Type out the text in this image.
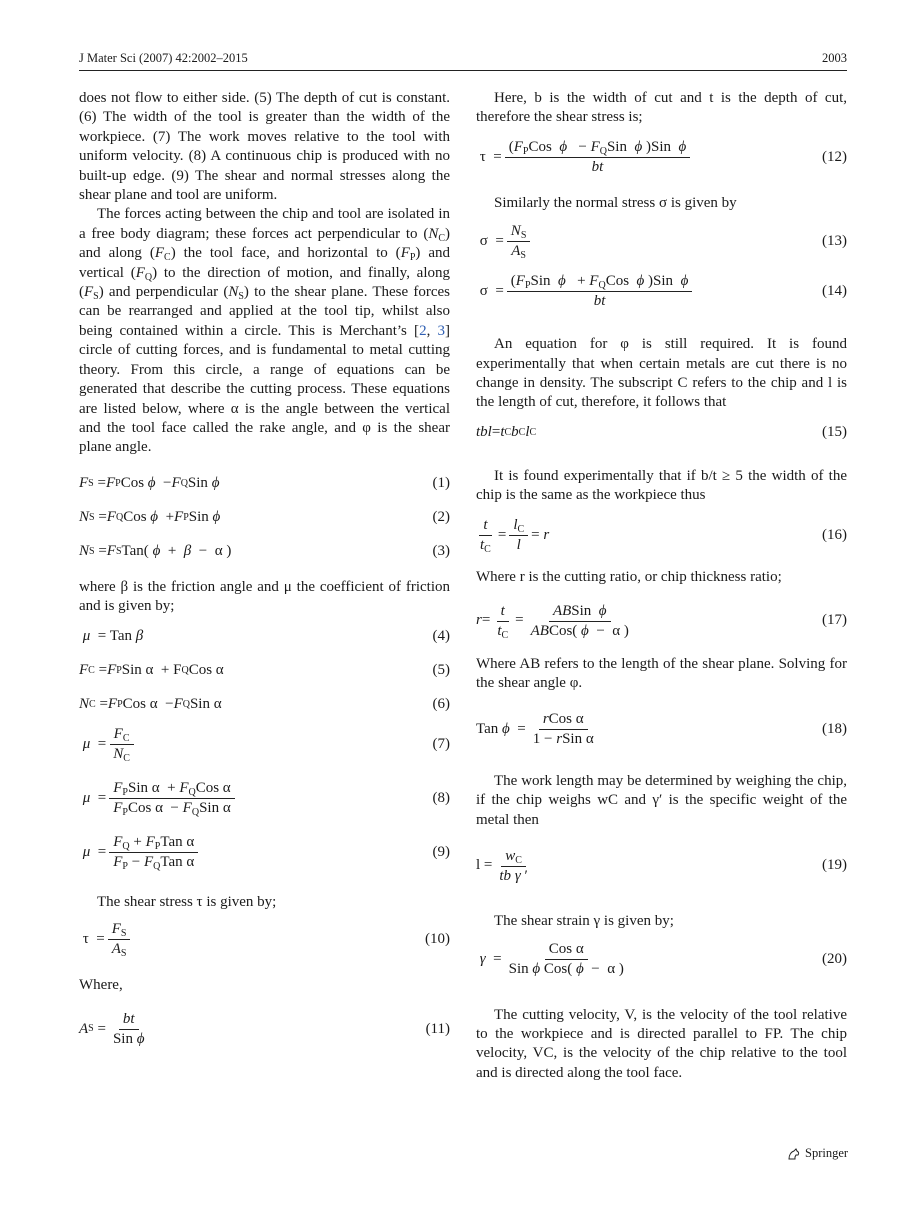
J Mater Sci (2007) 42:2002–2015	2003

does not flow to either side. (5) The depth of cut is constant. (6) The width of the tool is greater than the width of the workpiece. (7) The work moves relative to the tool with uniform velocity. (8) A continuous chip is produced with no built-up edge. (9) The shear and normal stresses along the shear plane and tool are uniform.

The forces acting between the chip and tool are isolated in a free body diagram; these forces act perpendicular to $(N_C)$ and along $(F_C)$ the tool face, and horizontal to $(F_P)$ and vertical $(F_Q)$ to the direction of motion, and finally, along $(F_S)$ and perpendicular $(N_S)$ to the shear plane. These forces can be rearranged and applied at the tool tip, whilst also being contained within a circle. This is Merchant’s [2, 3] circle of cutting forces, and is fundamental to metal cutting theory. From this circle, a range of equations can be generated that describe the cutting process. These equations are listed below, where α is the angle between the vertical and the tool face called the rake angle, and φ is the shear plane angle.

F S = F P Cos ϕ − F Q Sin ϕ	(1)
N S = F Q Cos ϕ + F P Sin ϕ	(2)
N S = F S Tan( ϕ + β −  α )	(3)

where β is the friction angle and μ the coefficient of friction and is given by;

μ = Tan β	(4)
F C = F P Sin α  + F Q Cos α	(5)
N C = F P Cos α  − F Q Sin α	(6)

$\mu = \frac{F_C}{N_C}$	(7)

$\mu = \frac{F_PSin \alpha + F_QCos \alpha}{F_PCos \alpha - F_QSin \alpha}$	(8)

$\mu = \frac{F_Q + F_PTan \alpha}{F_P - F_QTan \alpha}$	(9)

The shear stress τ is given by;

$\tau = \frac{F_S}{A_S}$	(10)

Where,

A $S = \frac{bt}{\text{Sin ϕ}}$	(11)

Here, b is the width of cut and t is the depth of cut, therefore the shear stress is;

$\tau = \frac{(F_PCos \phi - F_QSin \phi )Sin \phi}{bt}$	(12)

Similarly the normal stress σ is given by

$\sigma = \frac{N_S}{A_S}$	(13)
$\sigma = \frac{(F_PSin \phi + F_QCos \phi )Sin \phi}{bt}$	(14)

An equation for φ is still required. It is found experimentally that when certain metals are cut there is no change in density. The subscript C refers to the chip and l is the length of cut, therefore, it follows that

tbl = t C b C l C	(15)

It is found experimentally that if b/t ≥ 5 the width of the chip is the same as the workpiece thus

$\frac{t}{t_C} = \frac{l_C}{l} = r$	(16)

Where r is the cutting ratio, or chip thickness ratio;

$r = \frac{t}{t_C} = \frac{\text{ABSin  ϕ}}{\text{ABCos( ϕ  −  α )}}$	(17)

Where AB refers to the length of the shear plane. Solving for the shear angle φ.

Tan $\phi = \frac{\text{rCos α}}{\text{1 − rSin α}}$	(18)

The work length may be determined by weighing the chip, if the chip weighs wC and γ′ is the specific weight of the metal then

$l = \frac{w_C}{\text{tb γ ′}}$	(19)

The shear strain γ is given by;

$\gamma = \frac{\text{Cos α}}{\text{Sin ϕ Cos( ϕ  −  α )}}$	(20)

The cutting velocity, V, is the velocity of the tool relative to the workpiece and is directed parallel to FP. The chip velocity, VC, is the velocity of the chip relative to the tool and is directed along the tool face.

Springer
